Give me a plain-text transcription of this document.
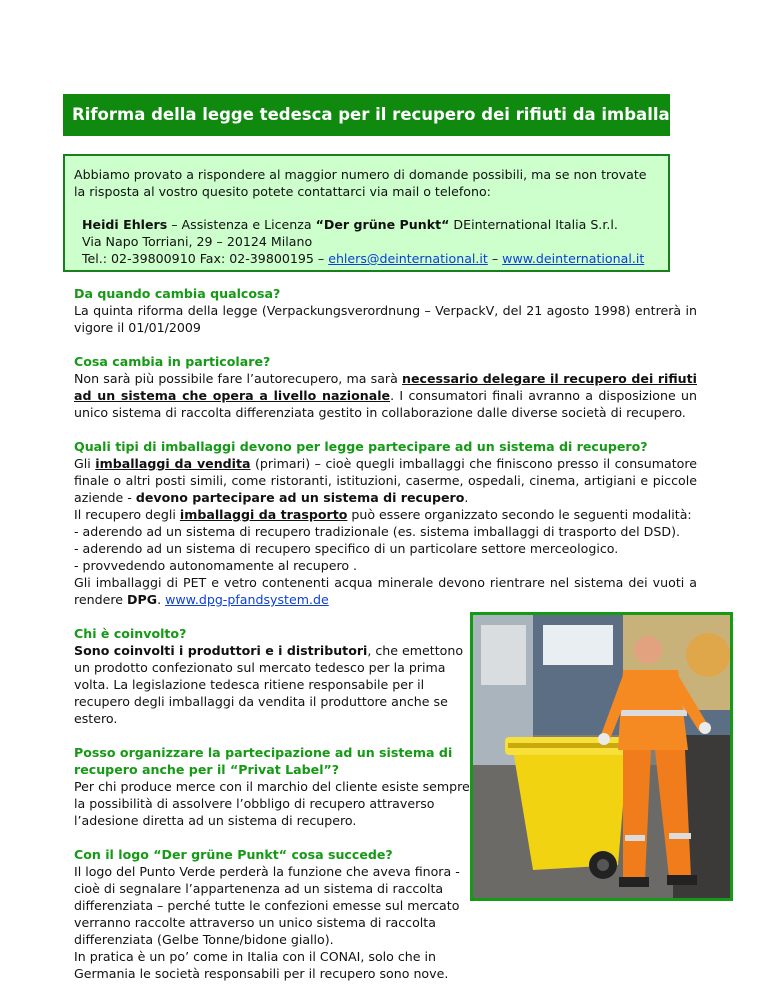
Riforma della legge tedesca per il recupero dei rifiuti da imballaggi

Abbiamo provato a rispondere al maggior numero di domande possibili, ma se non trovate la risposta al vostro quesito potete contattarci via mail o telefono:

Heidi Ehlers – Assistenza e Licenza “Der grüne Punkt“ DEinternational Italia S.r.l.
Via Napo Torriani, 29 – 20124 Milano
Tel.: 02-39800910 Fax: 02-39800195 – ehlers@deinternational.it – www.deinternational.it
Da quando cambia qualcosa?
La quinta riforma della legge (Verpackungsverordnung – VerpackV, del 21 agosto 1998) entrerà in vigore il 01/01/2009
Cosa cambia in particolare?
Non sarà più possibile fare l’autorecupero, ma sarà necessario delegare il recupero dei rifiuti ad un sistema che opera a livello nazionale. I consumatori finali avranno a disposizione un unico sistema di raccolta differenziata gestito in collaborazione dalle diverse società di recupero.
Quali tipi di imballaggi devono per legge partecipare ad un sistema di recupero?
Gli imballaggi da vendita (primari) – cioè quegli imballaggi che finiscono presso il consumatore finale o altri posti simili, come ristoranti, istituzioni, caserme, ospedali, cinema, artigiani e piccole aziende - devono partecipare ad un sistema di recupero.
Il recupero degli imballaggi da trasporto può essere organizzato secondo le seguenti modalità:
- aderendo ad un sistema di recupero tradizionale (es. sistema imballaggi di trasporto del DSD).
- aderendo ad un sistema di recupero specifico di un particolare settore merceologico.
- provvedendo autonomamente al recupero .
Gli imballaggi di PET e vetro contenenti acqua minerale devono rientrare nel sistema dei vuoti a rendere DPG. www.dpg-pfandsystem.de
Chi è coinvolto?
Sono coinvolti i produttori e i distributori, che emettono un prodotto confezionato sul mercato tedesco per la prima volta. La legislazione tedesca ritiene responsabile per il recupero degli imballaggi da vendita il produttore anche se estero.
Posso organizzare la partecipazione ad un sistema di recupero anche per il “Privat Label”?
Per chi produce merce con il marchio del cliente esiste sempre la possibilità di assolvere l’obbligo di recupero attraverso l’adesione diretta ad un sistema di recupero.
Con il logo “Der grüne Punkt“ cosa succede?
Il logo del Punto Verde perderà la funzione che aveva finora - cioè di segnalare l’appartenenza ad un sistema di raccolta differenziata – perché tutte le confezioni emesse sul mercato verranno raccolte attraverso un unico sistema di raccolta differenziata (Gelbe Tonne/bidone giallo).
In pratica è un po’ come in Italia con il CONAI, solo che in Germania le società responsabili per il recupero sono nove.
